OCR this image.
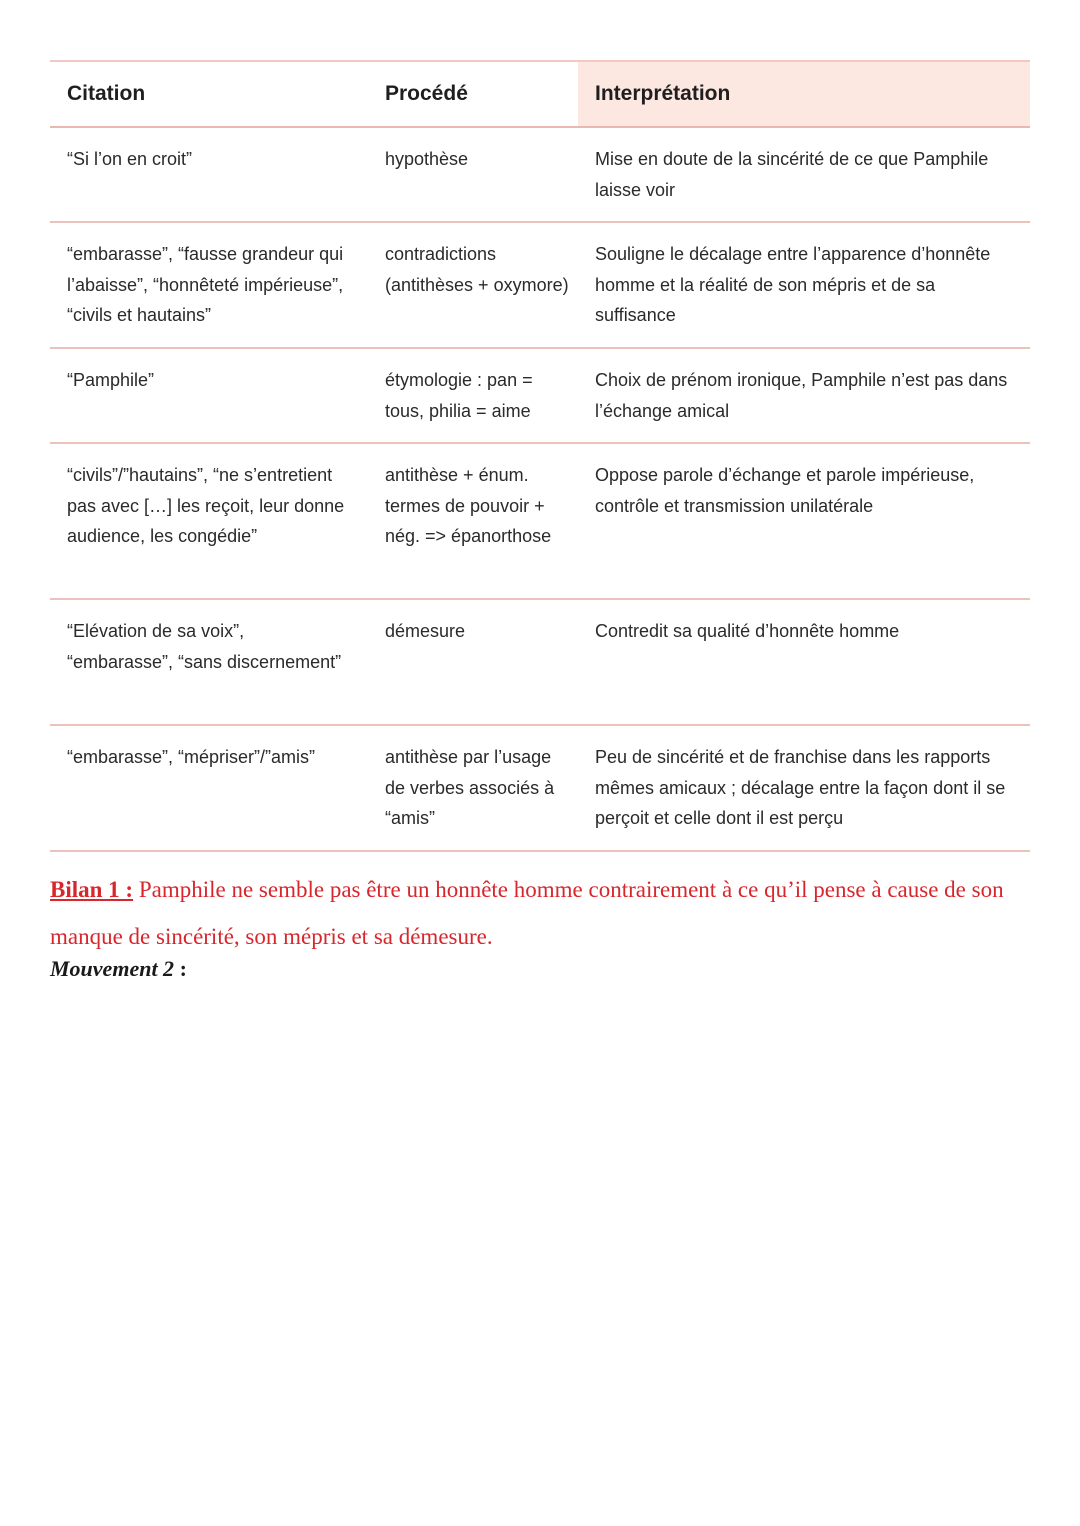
Citation	Procédé	Interprétation
“Si l’on en croit”	hypothèse	Mise en doute de la sincérité de ce que Pamphile laisse voir
“embarasse”, “fausse grandeur qui l’abaisse”, “honnêteté impérieuse”, “civils et hautains”	contradictions (antithèses + oxymore)	Souligne le décalage entre l’apparence d’honnête homme et la réalité de son mépris et de sa suffisance
“Pamphile”	étymologie : pan = tous, philia = aime	Choix de prénom ironique, Pamphile n’est pas dans l’échange amical
“civils”/”hautains”, “ne s’entretient pas avec […] les reçoit, leur donne audience, les congédie”	antithèse + énum. termes de pouvoir + nég. => épanorthose	Oppose parole d’échange et parole impérieuse, contrôle et transmission unilatérale
“Elévation de sa voix”, “embarasse”, “sans discernement”	démesure	Contredit sa qualité d’honnête homme
“embarasse”, “mépriser”/”amis”	antithèse par l’usage de verbes associés à “amis”	Peu de sincérité et de franchise dans les rapports mêmes amicaux ; décalage entre la façon dont il se perçoit et celle dont il est perçu

Bilan 1 : Pamphile ne semble pas être un honnête homme contrairement à ce qu’il pense à cause de son manque de sincérité, son mépris et sa démesure.

Mouvement 2 :
